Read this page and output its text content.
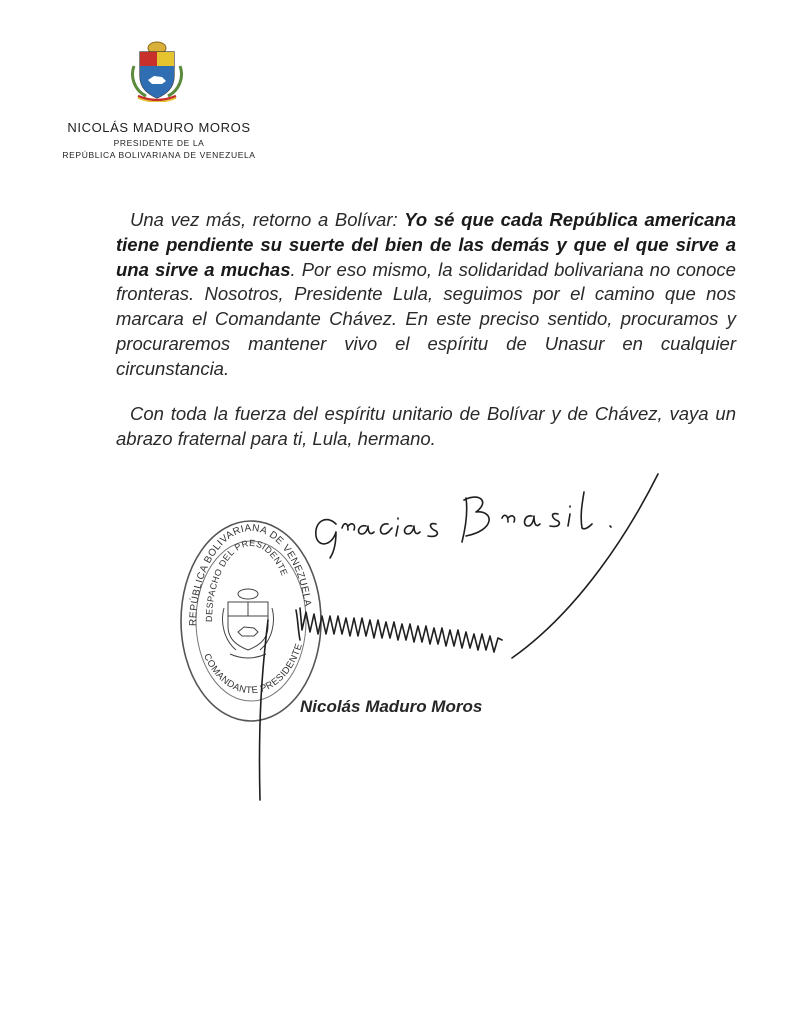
NICOLÁS MADURO MOROS
PRESIDENTE DE LA
REPÚBLICA BOLIVARIANA DE VENEZUELA
Una vez más, retorno a Bolívar: Yo sé que cada República americana tiene pendiente su suerte del bien de las demás y que el que sirve a una sirve a muchas. Por eso mismo, la solidaridad bolivariana no conoce fronteras. Nosotros, Presidente Lula, seguimos por el camino que nos marcara el Comandante Chávez. En este preciso sentido, procuramos y procuraremos mantener vivo el espíritu de Unasur en cualquier circunstancia.
Con toda la fuerza del espíritu unitario de Bolívar y de Chávez, vaya un abrazo fraternal para ti, Lula, hermano.
REPÚBLICA BOLIVARIANA DE VENEZUELA
DESPACHO DEL PRESIDENTE
COMANDANTE PRESIDENTE
Nicolás Maduro Moros
